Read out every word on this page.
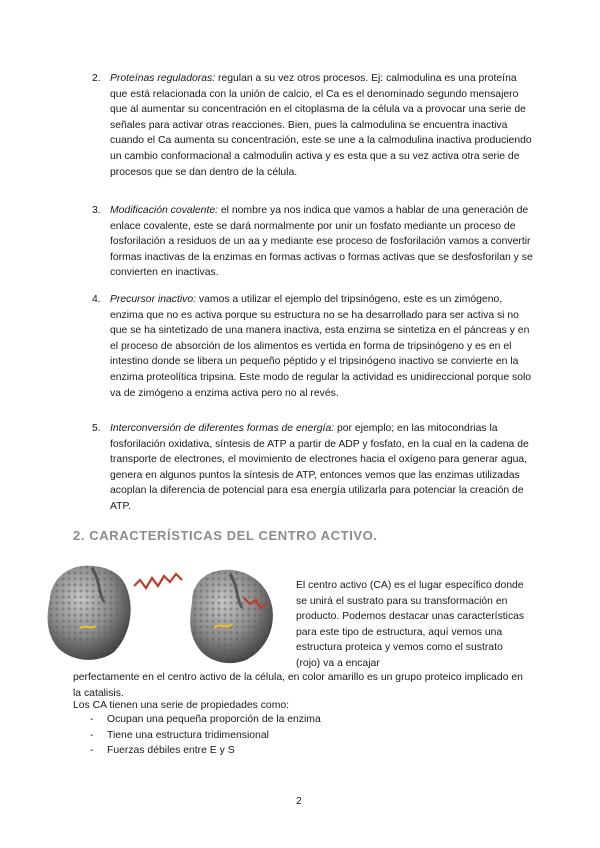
2. Proteínas reguladoras: regulan a su vez otros procesos. Ej: calmodulina es una proteína que está relacionada con la unión de calcio, el Ca es el denominado segundo mensajero que al aumentar su concentración en el citoplasma de la célula va a provocar una serie de señales para activar otras reacciones. Bien, pues la calmodulina se encuentra inactiva cuando el Ca aumenta su concentración, este se une a la calmodulina inactiva produciendo un cambio conformacional a calmodulin activa y es esta que a su vez activa otra serie de procesos que se dan dentro de la célula.
3. Modificación covalente: el nombre ya nos indica que vamos a hablar de una generación de enlace covalente, este se dará normalmente por unir un fosfato mediante un proceso de fosforilación a residuos de un aa y mediante ese proceso de fosforilación vamos a convertir formas inactivas de la enzimas en formas activas o formas activas que se desfosforilan y se convierten en inactivas.
4. Precursor inactivo: vamos a utilizar el ejemplo del tripsinógeno, este es un zimógeno, enzima que no es activa porque su estructura no se ha desarrollado para ser activa si no que se ha sintetizado de una manera inactiva, esta enzima se sintetiza en el páncreas y en el proceso de absorción de los alimentos es vertida en forma de tripsinógeno y es en el intestino donde se libera un pequeño péptido y el tripsinógeno inactivo se convierte en la enzima proteolítica tripsina. Este modo de regular la actividad es unidireccional porque solo va de zimógeno a enzima activa pero no al revés.
5. Interconversión de diferentes formas de energía: por ejemplo; en las mitocondrias la fosforilación oxidativa, síntesis de ATP a partir de ADP y fosfato, en la cual en la cadena de transporte de electrones, el movimiento de electrones hacia el oxígeno para generar agua, genera en algunos puntos la síntesis de ATP, entonces vemos que las enzimas utilizadas acoplan la diferencia de potencial para esa energía utilizarla para potenciar la creación de ATP.
2. CARACTERÍSTICAS DEL CENTRO ACTIVO.
El centro activo (CA) es el lugar específico donde se unirá el sustrato para su transformación en producto. Podemos destacar unas características para este tipo de estructura, aquí vemos una estructura proteica y vemos como el sustrato (rojo) va a encajar
perfectamente en el centro activo de la célula, en color amarillo es un grupo proteico implicado en la catalisis.
Los CA tienen una serie de propiedades como:
- Ocupan una pequeña proporción de la enzima
- Tiene una estructura tridimensional
- Fuerzas débiles entre E y S
2
